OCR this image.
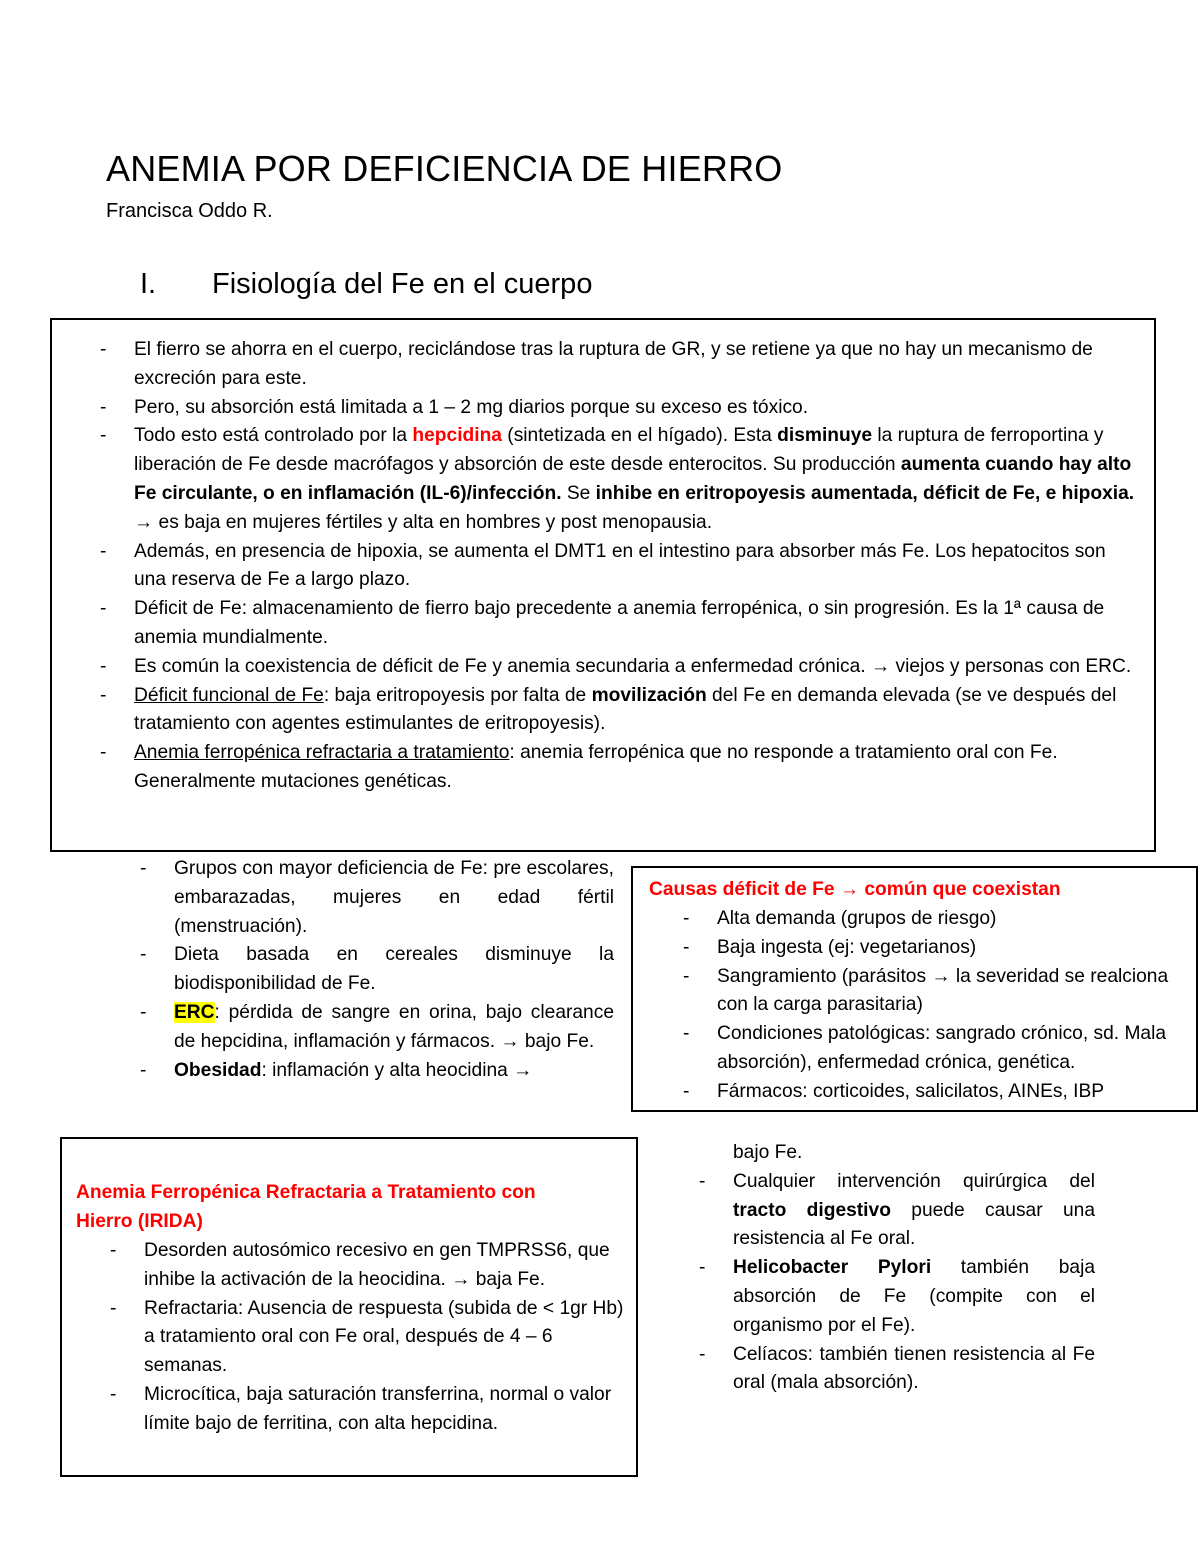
ANEMIA POR DEFICIENCIA DE HIERRO
Francisca Oddo R.
I. Fisiología del Fe en el cuerpo
- El fierro se ahorra en el cuerpo, reciclándose tras la ruptura de GR, y se retiene ya que no hay un mecanismo de excreción para este.
- Pero, su absorción está limitada a 1 – 2 mg diarios porque su exceso es tóxico.
- Todo esto está controlado por la hepcidina (sintetizada en el hígado). Esta disminuye la ruptura de ferroportina y liberación de Fe desde macrófagos y absorción de este desde enterocitos. Su producción aumenta cuando hay alto Fe circulante, o en inflamación (IL-6)/infección. Se inhibe en eritropoyesis aumentada, déficit de Fe, e hipoxia. → es baja en mujeres fértiles y alta en hombres y post menopausia.
- Además, en presencia de hipoxia, se aumenta el DMT1 en el intestino para absorber más Fe. Los hepatocitos son una reserva de Fe a largo plazo.
- Déficit de Fe: almacenamiento de fierro bajo precedente a anemia ferropénica, o sin progresión. Es la 1ª causa de anemia mundialmente.
- Es común la coexistencia de déficit de Fe y anemia secundaria a enfermedad crónica. → viejos y personas con ERC.
- Déficit funcional de Fe: baja eritropoyesis por falta de movilización del Fe en demanda elevada (se ve después del tratamiento con agentes estimulantes de eritropoyesis).
- Anemia ferropénica refractaria a tratamiento: anemia ferropénica que no responde a tratamiento oral con Fe. Generalmente mutaciones genéticas.
- Grupos con mayor deficiencia de Fe: pre escolares, embarazadas, mujeres en edad fértil (menstruación).
- Dieta basada en cereales disminuye la biodisponibilidad de Fe.
- ERC: pérdida de sangre en orina, bajo clearance de hepcidina, inflamación y fármacos. → bajo Fe.
- Obesidad: inflamación y alta heocidina →
Causas déficit de Fe → común que coexistan
- Alta demanda (grupos de riesgo)
- Baja ingesta (ej: vegetarianos)
- Sangramiento (parásitos → la severidad se realciona con la carga parasitaria)
- Condiciones patológicas: sangrado crónico, sd. Mala absorción), enfermedad crónica, genética.
- Fármacos: corticoides, salicilatos, AINEs, IBP
Anemia Ferropénica Refractaria a Tratamiento con Hierro (IRIDA)
- Desorden autosómico recesivo en gen TMPRSS6, que inhibe la activación de la heocidina. → baja Fe.
- Refractaria: Ausencia de respuesta (subida de < 1gr Hb) a tratamiento oral con Fe oral, después de 4 – 6 semanas.
- Microcítica, baja saturación transferrina, normal o valor límite bajo de ferritina, con alta hepcidina.
bajo Fe.
- Cualquier intervención quirúrgica del tracto digestivo puede causar una resistencia al Fe oral.
- Helicobacter Pylori también baja absorción de Fe (compite con el organismo por el Fe).
- Celíacos: también tienen resistencia al Fe oral (mala absorción).
